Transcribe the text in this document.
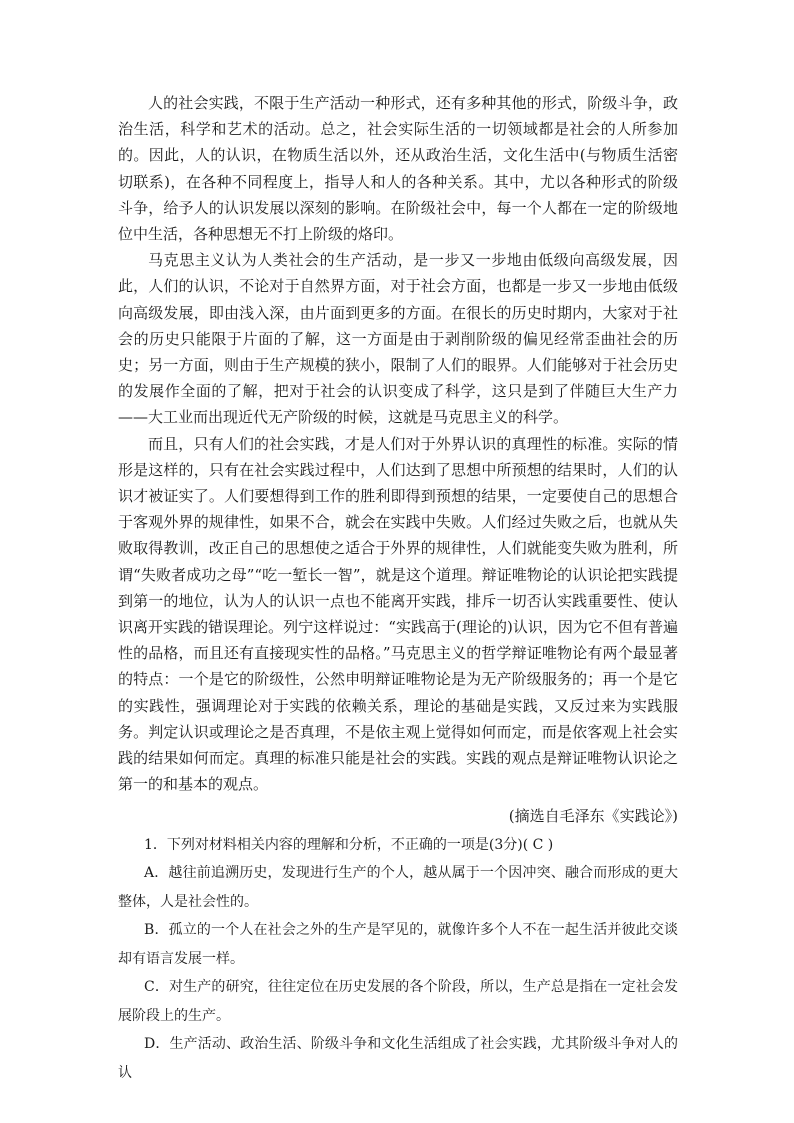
人的社会实践，不限于生产活动一种形式，还有多种其他的形式，阶级斗争，政治生活，科学和艺术的活动。总之，社会实际生活的一切领域都是社会的人所参加的。因此，人的认识，在物质生活以外，还从政治生活，文化生活中(与物质生活密切联系)，在各种不同程度上，指导人和人的各种关系。其中，尤以各种形式的阶级斗争，给予人的认识发展以深刻的影响。在阶级社会中，每一个人都在一定的阶级地位中生活，各种思想无不打上阶级的烙印。

马克思主义认为人类社会的生产活动，是一步又一步地由低级向高级发展，因此，人们的认识，不论对于自然界方面，对于社会方面，也都是一步又一步地由低级向高级发展，即由浅入深，由片面到更多的方面。在很长的历史时期内，大家对于社会的历史只能限于片面的了解，这一方面是由于剥削阶级的偏见经常歪曲社会的历史；另一方面，则由于生产规模的狭小，限制了人们的眼界。人们能够对于社会历史的发展作全面的了解，把对于社会的认识变成了科学，这只是到了伴随巨大生产力——大工业而出现近代无产阶级的时候，这就是马克思主义的科学。

而且，只有人们的社会实践，才是人们对于外界认识的真理性的标准。实际的情形是这样的，只有在社会实践过程中，人们达到了思想中所预想的结果时，人们的认识才被证实了。人们要想得到工作的胜利即得到预想的结果，一定要使自己的思想合于客观外界的规律性，如果不合，就会在实践中失败。人们经过失败之后，也就从失败取得教训，改正自己的思想使之适合于外界的规律性，人们就能变失败为胜利，所谓“失败者成功之母”“吃一堑长一智”，就是这个道理。辩证唯物论的认识论把实践提到第一的地位，认为人的认识一点也不能离开实践，排斥一切否认实践重要性、使认识离开实践的错误理论。列宁这样说过：“实践高于(理论的)认识，因为它不但有普遍性的品格，而且还有直接现实性的品格。”马克思主义的哲学辩证唯物论有两个最显著的特点：一个是它的阶级性，公然申明辩证唯物论是为无产阶级服务的；再一个是它的实践性，强调理论对于实践的依赖关系，理论的基础是实践，又反过来为实践服务。判定认识或理论之是否真理，不是依主观上觉得如何而定，而是依客观上社会实践的结果如何而定。真理的标准只能是社会的实践。实践的观点是辩证唯物认识论之第一的和基本的观点。

(摘选自毛泽东《实践论》)

1．下列对材料相关内容的理解和分析，不正确的一项是(3分)( C )

A．越往前追溯历史，发现进行生产的个人，越从属于一个因冲突、融合而形成的更大整体，人是社会性的。

B．孤立的一个人在社会之外的生产是罕见的，就像许多个人不在一起生活并彼此交谈却有语言发展一样。

C．对生产的研究，往往定位在历史发展的各个阶段，所以，生产总是指在一定社会发展阶段上的生产。

D．生产活动、政治生活、阶级斗争和文化生活组成了社会实践，尤其阶级斗争对人的认
